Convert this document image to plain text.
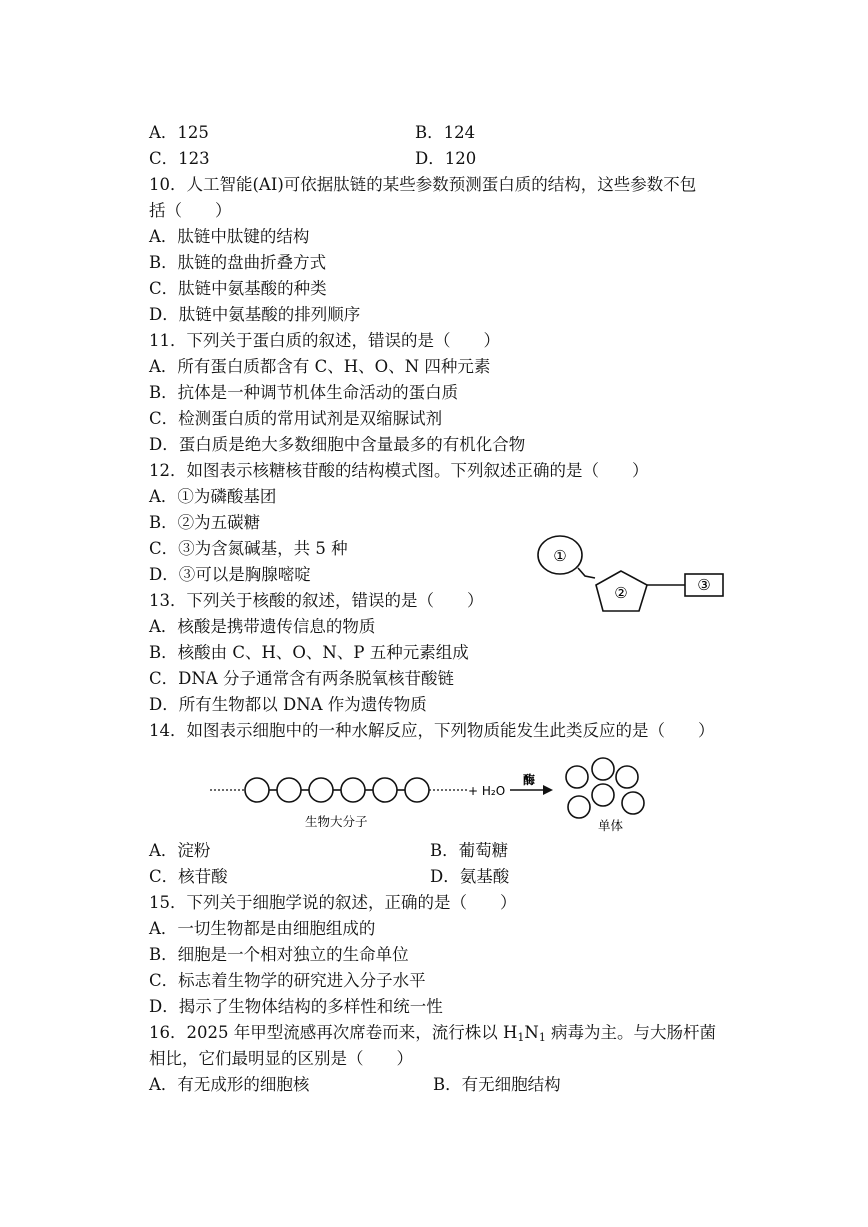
A．125	B．124
C．123	D．120
10．人工智能(AI)可依据肽链的某些参数预测蛋白质的结构，这些参数不包
括（　　）
A．肽链中肽键的结构
B．肽链的盘曲折叠方式
C．肽链中氨基酸的种类
D．肽链中氨基酸的排列顺序
11．下列关于蛋白质的叙述，错误的是（　　）
A．所有蛋白质都含有 C、H、O、N 四种元素
B．抗体是一种调节机体生命活动的蛋白质
C．检测蛋白质的常用试剂是双缩脲试剂
D．蛋白质是绝大多数细胞中含量最多的有机化合物
12．如图表示核糖核苷酸的结构模式图。下列叙述正确的是（　　）
A．①为磷酸基团
B．②为五碳糖
C．③为含氮碱基，共 5 种
D．③可以是胸腺嘧啶
①
②	③
13．下列关于核酸的叙述，错误的是（　　）
A．核酸是携带遗传信息的物质
B．核酸由 C、H、O、N、P 五种元素组成
C．DNA 分子通常含有两条脱氧核苷酸链
D．所有生物都以 DNA 作为遗传物质
14．如图表示细胞中的一种水解反应，下列物质能发生此类反应的是（　　）
+ H₂O
酶
生物大分子	单体
A．淀粉	B．葡萄糖
C．核苷酸	D．氨基酸
15．下列关于细胞学说的叙述，正确的是（　　）
A．一切生物都是由细胞组成的
B．细胞是一个相对独立的生命单位
C．标志着生物学的研究进入分子水平
D．揭示了生物体结构的多样性和统一性
16．2025 年甲型流感再次席卷而来，流行株以 $H_1N_1$ 病毒为主。与大肠杆菌
相比，它们最明显的区别是（　　）
A．有无成形的细胞核	B．有无细胞结构
